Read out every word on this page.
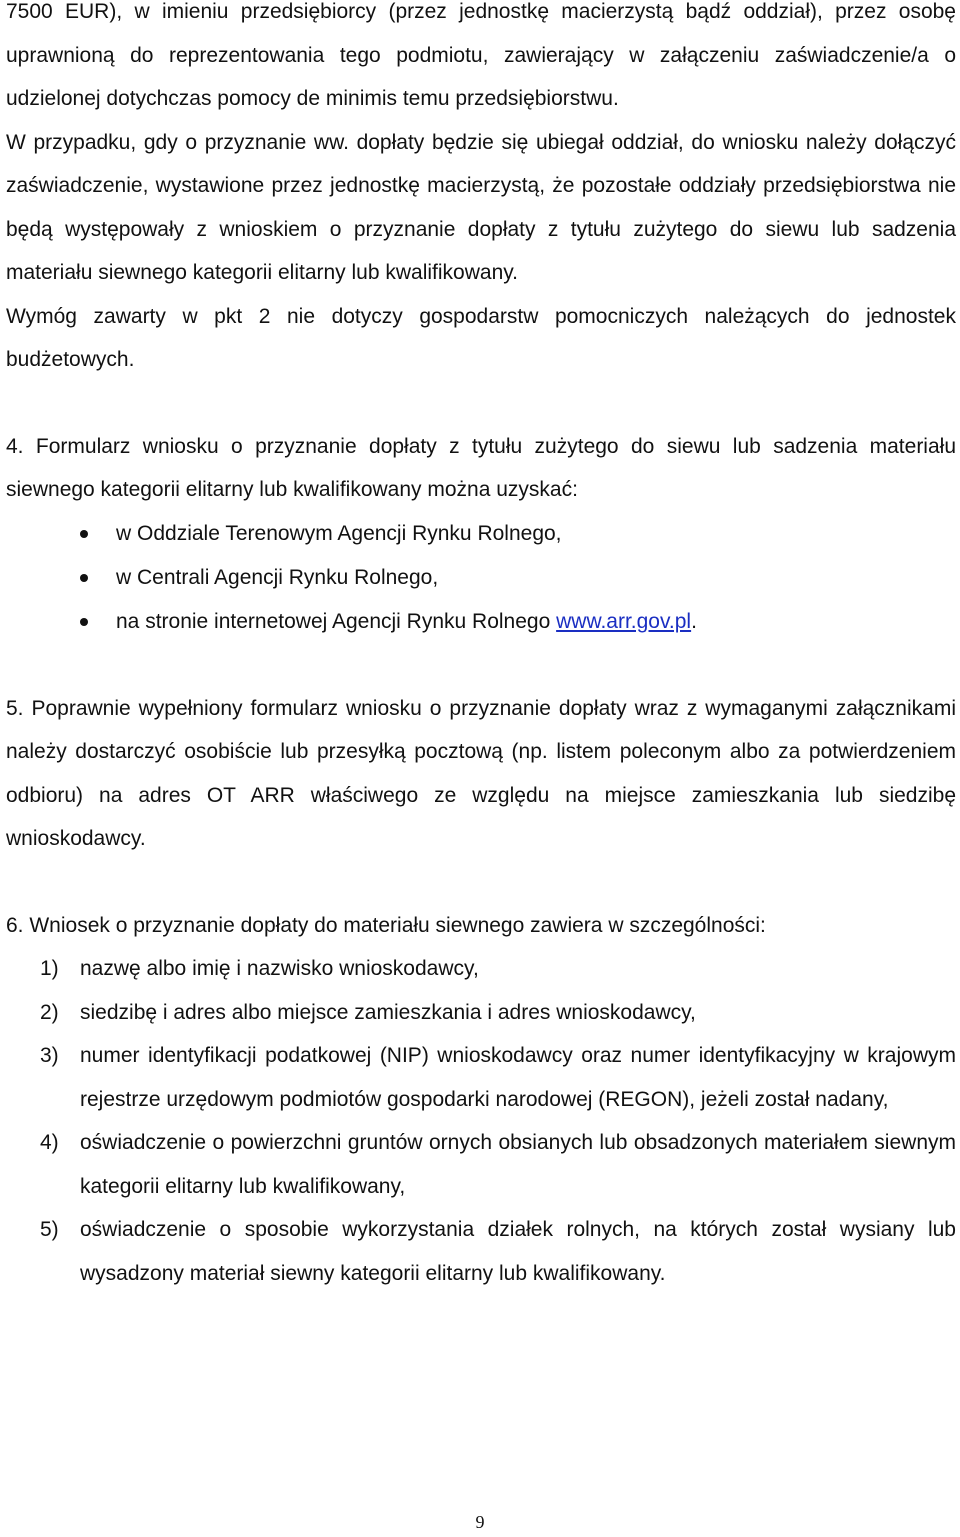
7500 EUR), w imieniu przedsiębiorcy (przez jednostkę macierzystą bądź oddział), przez osobę uprawnioną do reprezentowania tego podmiotu, zawierający w załączeniu zaświadczenie/a o udzielonej dotychczas pomocy de minimis temu przedsiębiorstwu.

W przypadku, gdy o przyznanie ww. dopłaty będzie się ubiegał oddział, do wniosku należy dołączyć zaświadczenie, wystawione przez jednostkę macierzystą, że pozostałe oddziały przedsiębiorstwa nie będą występowały z wnioskiem o przyznanie dopłaty z tytułu zużytego do siewu lub sadzenia materiału siewnego kategorii elitarny lub kwalifikowany.

Wymóg zawarty w pkt 2 nie dotyczy gospodarstw pomocniczych należących do jednostek budżetowych.

4. Formularz wniosku o przyznanie dopłaty z tytułu zużytego do siewu lub sadzenia materiału siewnego kategorii elitarny lub kwalifikowany można uzyskać:

w Oddziale Terenowym Agencji Rynku Rolnego,
w Centrali Agencji Rynku Rolnego,
na stronie internetowej Agencji Rynku Rolnego www.arr.gov.pl.

5. Poprawnie wypełniony formularz wniosku o przyznanie dopłaty wraz z wymaganymi załącznikami należy dostarczyć osobiście lub przesyłką pocztową (np. listem poleconym albo za potwierdzeniem odbioru) na adres OT ARR właściwego ze względu na miejsce zamieszkania lub siedzibę wnioskodawcy.

6. Wniosek o przyznanie dopłaty do materiału siewnego zawiera w szczególności:

1) nazwę albo imię i nazwisko wnioskodawcy,
2) siedzibę i adres albo miejsce zamieszkania i adres wnioskodawcy,
3) numer identyfikacji podatkowej (NIP) wnioskodawcy oraz numer identyfikacyjny w krajowym rejestrze urzędowym podmiotów gospodarki narodowej (REGON), jeżeli został nadany,
4) oświadczenie o powierzchni gruntów ornych obsianych lub obsadzonych materiałem siewnym kategorii elitarny lub kwalifikowany,
5) oświadczenie o sposobie wykorzystania działek rolnych, na których został wysiany lub wysadzony materiał siewny kategorii elitarny lub kwalifikowany.
9
